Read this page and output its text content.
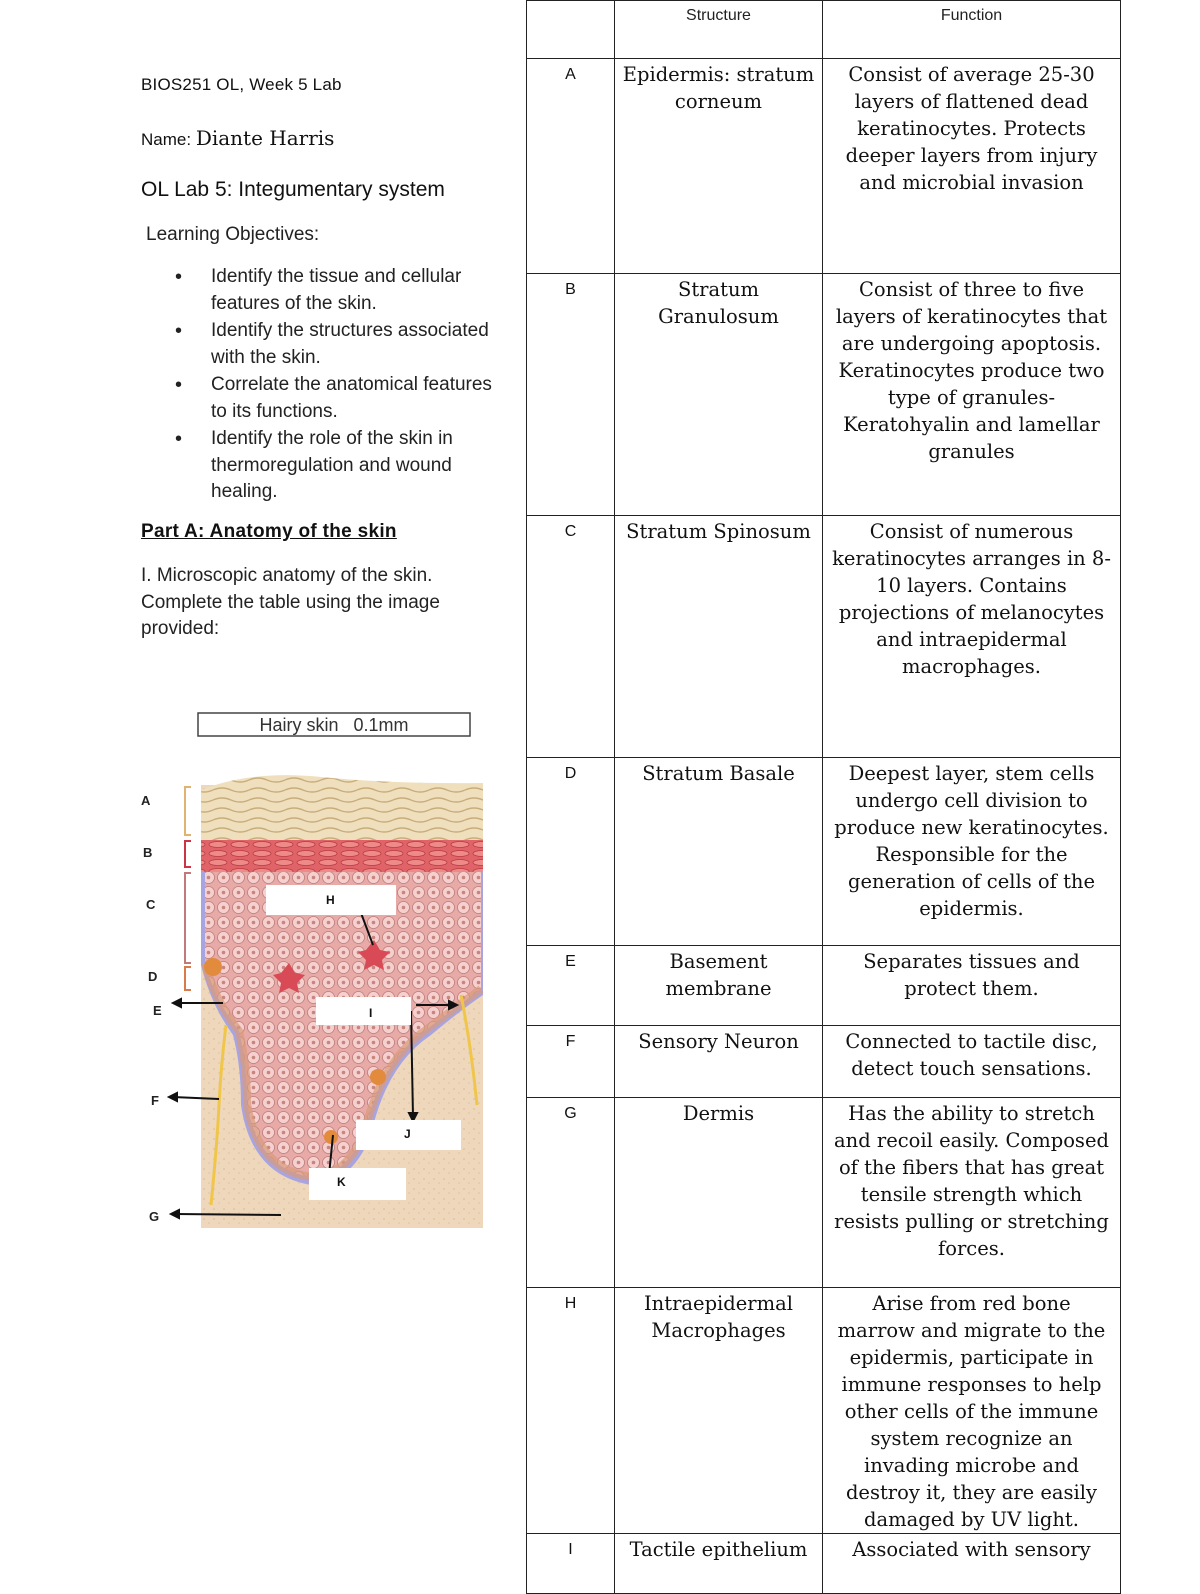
BIOS251 OL, Week 5 Lab
Name: Diante Harris
OL Lab 5: Integumentary system
Learning Objectives:
• Identify the tissue and cellular features of the skin.
• Identify the structures associated with the skin.
• Correlate the anatomical features to its functions.
• Identify the role of the skin in thermoregulation and wound healing.
Part A: Anatomy of the skin
I. Microscopic anatomy of the skin. Complete the table using the image provided:
Hairy skin   0.1mm
A
B
C
D
E
F
G
H
I
J
K
	Structure	Function
A	Epidermis: stratum corneum	Consist of average 25-30 layers of flattened dead keratinocytes. Protects deeper layers from injury and microbial invasion
B	Stratum Granulosum	Consist of three to five layers of keratinocytes that are undergoing apoptosis. Keratinocytes produce two type of granules- Keratohyalin and lamellar granules
C	Stratum Spinosum	Consist of numerous keratinocytes arranges in 8-10 layers. Contains projections of melanocytes and intraepidermal macrophages.
D	Stratum Basale	Deepest layer, stem cells undergo cell division to produce new keratinocytes. Responsible for the generation of cells of the epidermis.
E	Basement membrane	Separates tissues and protect them.
F	Sensory Neuron	Connected to tactile disc, detect touch sensations.
G	Dermis	Has the ability to stretch and recoil easily. Composed of the fibers that has great tensile strength which resists pulling or stretching forces.
H	Intraepidermal Macrophages	Arise from red bone marrow and migrate to the epidermis, participate in immune responses to help other cells of the immune system recognize an invading microbe and destroy it, they are easily damaged by UV light.
I	Tactile epithelium	Associated with sensory
